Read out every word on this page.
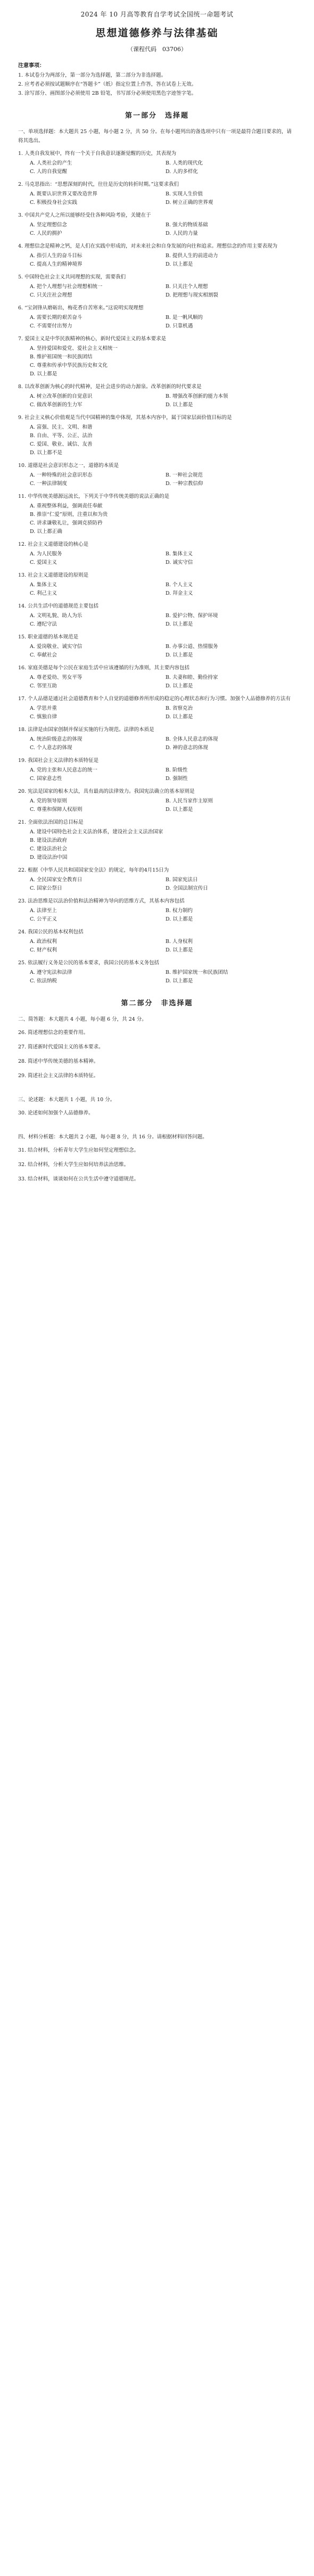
2024 年 10 月高等教育自学考试全国统一命题考试

思想道德修养与法律基础

（课程代码　03706）

注意事项：

1. 本试卷分为两部分，第一部分为选择题，第二部分为非选择题。

2. 应考者必须按试题顺序在“答题卡”（纸）指定位置上作答，答在试卷上无效。

3. 涂写部分、画图部分必须使用 2B 铅笔，书写部分必须使用黑色字迹签字笔。

第一部分　选择题

一、单项选择题：本大题共 25 小题，每小题 2 分，共 50 分。在每小题列出的备选项中只有一项是最符合题目要求的，请将其选出。

1. 人类自我发展中，终有一个关于自我意识逐渐觉醒的历史，其表现为　　

A. 人类社会的产生	B. 人类的现代化
C. 人的自我觉醒	D. 人的多样化

2. 马克思指出：“思想深刻的时代，往往是历史的转折时期。”这要求我们　　

A. 既要认识世界又要改造世界	B. 实现人生价值
C. 积极投身社会实践	D. 树立正确的世界观

3. 中国共产党人之所以能够经受住各种风险考验，关键在于　　

A. 坚定理想信念	B. 强大的物质基础
C. 人民的拥护	D. 人民的力量

4. 理想信念是精神之钙，是人们在实践中形成的，对未来社会和自身发展的向往和追求。理想信念的作用主要表现为　　

A. 指引人生的奋斗目标	B. 提供人生的前进动力
C. 提高人生的精神境界	D. 以上都是

5. 中国特色社会主义共同理想的实现，需要我们　　

A. 把个人理想与社会理想相统一	B. 只关注个人理想
C. 只关注社会理想	D. 把理想与现实相割裂

6. “宝剑锋从磨砺出，梅花香自苦寒来。”这说明实现理想　　

A. 需要长期的艰苦奋斗	B. 是一帆风顺的
C. 不需要付出努力	D. 只靠机遇

7. 爱国主义是中华民族精神的核心，新时代爱国主义的基本要求是　　

A. 坚持爱国和爱党、爱社会主义相统一
B. 维护祖国统一和民族团结
C. 尊重和传承中华民族历史和文化
D. 以上都是

8. 以改革创新为核心的时代精神，是社会进步的动力源泉。改革创新的时代要求是　　

A. 树立改革创新的自觉意识	B. 增强改革创新的能力本领
C. 做改革创新的生力军	D. 以上都是

9. 社会主义核心价值观是当代中国精神的集中体现，其基本内容中，属于国家层面价值目标的是　　

A. 富强、民主、文明、和谐
B. 自由、平等、公正、法治
C. 爱国、敬业、诚信、友善
D. 以上都不是

10. 道德是社会意识形态之一，道德的本质是　　

A. 一种特殊的社会意识形态	B. 一种社会规范
C. 一种法律制度	D. 一种宗教信仰

11. 中华传统美德源远流长，下列关于中华传统美德的说法正确的是　　

A. 重视整体利益，强调责任奉献
B. 推崇“仁爱”原则，注重以和为贵
C. 讲求谦敬礼让，强调克骄防矜
D. 以上都正确

12. 社会主义道德建设的核心是　　

A. 为人民服务	B. 集体主义
C. 爱国主义	D. 诚实守信

13. 社会主义道德建设的原则是　　

A. 集体主义	B. 个人主义
C. 利己主义	D. 拜金主义

14. 公共生活中的道德规范主要包括　　

A. 文明礼貌、助人为乐	B. 爱护公物、保护环境
C. 遵纪守法	D. 以上都是

15. 职业道德的基本规范是　　

A. 爱岗敬业、诚实守信	B. 办事公道、热情服务
C. 奉献社会	D. 以上都是

16. 家庭美德是每个公民在家庭生活中应该遵循的行为准则，其主要内容包括　　

A. 尊老爱幼、男女平等	B. 夫妻和睦、勤俭持家
C. 邻里互助	D. 以上都是

17. 个人品德是通过社会道德教育和个人自觉的道德修养所形成的稳定的心理状态和行为习惯。加强个人品德修养的方法有　　

A. 学思并重	B. 省察克治
C. 慎独自律	D. 以上都是

18. 法律是由国家创制并保证实施的行为规范。法律的本质是　　

A. 统治阶级意志的体现	B. 全体人民意志的体现
C. 个人意志的体现	D. 神的意志的体现

19. 我国社会主义法律的本质特征是　　

A. 党的主张和人民意志的统一	B. 阶级性
C. 国家意志性	D. 强制性

20. 宪法是国家的根本大法，具有最高的法律效力。我国宪法确立的基本原则是　　

A. 党的领导原则	B. 人民当家作主原则
C. 尊重和保障人权原则	D. 以上都是

21. 全面依法治国的总目标是　　

A. 建设中国特色社会主义法治体系，建设社会主义法治国家
B. 建设法治政府
C. 建设法治社会
D. 建设法治中国

22. 根据《中华人民共和国国家安全法》的规定，每年的4月15日为　　

A. 全民国家安全教育日	B. 国家宪法日
C. 国家公祭日	D. 全国法制宣传日

23. 法治思维是以法治价值和法治精神为导向的思维方式，其基本内容包括　　

A. 法律至上	B. 权力制约
C. 公平正义	D. 以上都是

24. 我国公民的基本权利包括　　

A. 政治权利	B. 人身权利
C. 财产权利	D. 以上都是

25. 依法履行义务是公民的基本要求，我国公民的基本义务包括　　

A. 遵守宪法和法律	B. 维护国家统一和民族团结
C. 依法纳税	D. 以上都是

第二部分　非选择题

二、简答题：本大题共 4 小题，每小题 6 分，共 24 分。

26. 简述理想信念的重要作用。

27. 简述新时代爱国主义的基本要求。

28. 简述中华传统美德的基本精神。

29. 简述社会主义法律的本质特征。

三、论述题：本大题共 1 小题，共 10 分。

30. 论述如何加强个人品德修养。

四、材料分析题：本大题共 2 小题，每小题 8 分，共 16 分。请根据材料回答问题。

31. 结合材料，分析青年大学生应如何坚定理想信念。

32. 结合材料，分析大学生应如何培养法治思维。

33. 结合材料，谈谈如何在公共生活中遵守道德规范。
